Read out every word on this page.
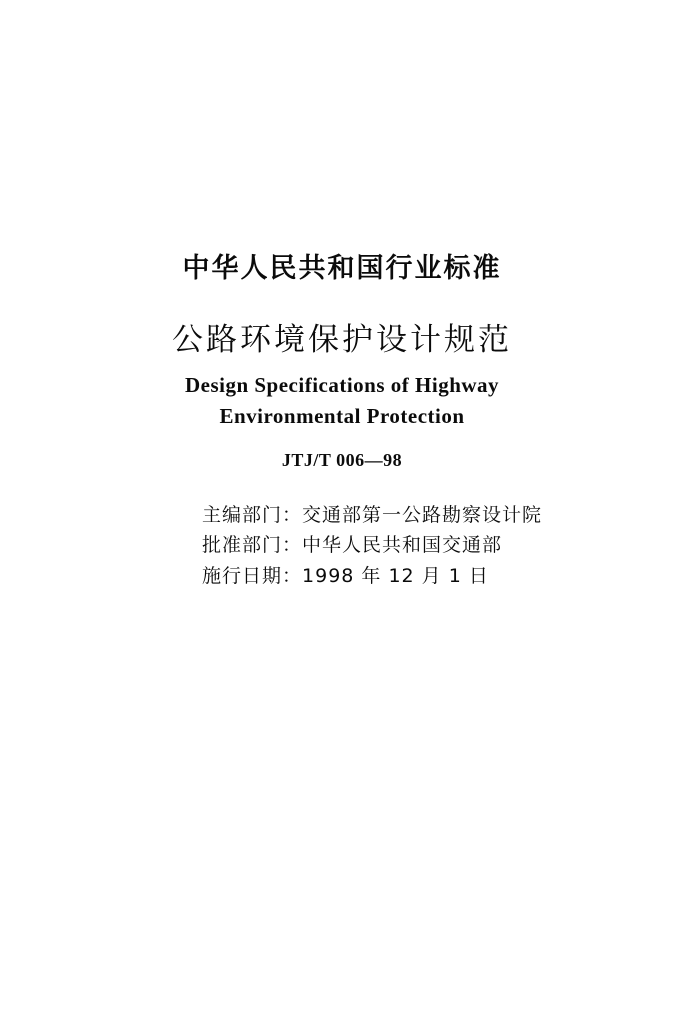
中华人民共和国行业标准
公路环境保护设计规范
Design Specifications of Highway
Environmental Protection
JTJ/T 006—98
主编部门：交通部第一公路勘察设计院
批准部门：中华人民共和国交通部
施行日期：1998 年 12 月 1 日
